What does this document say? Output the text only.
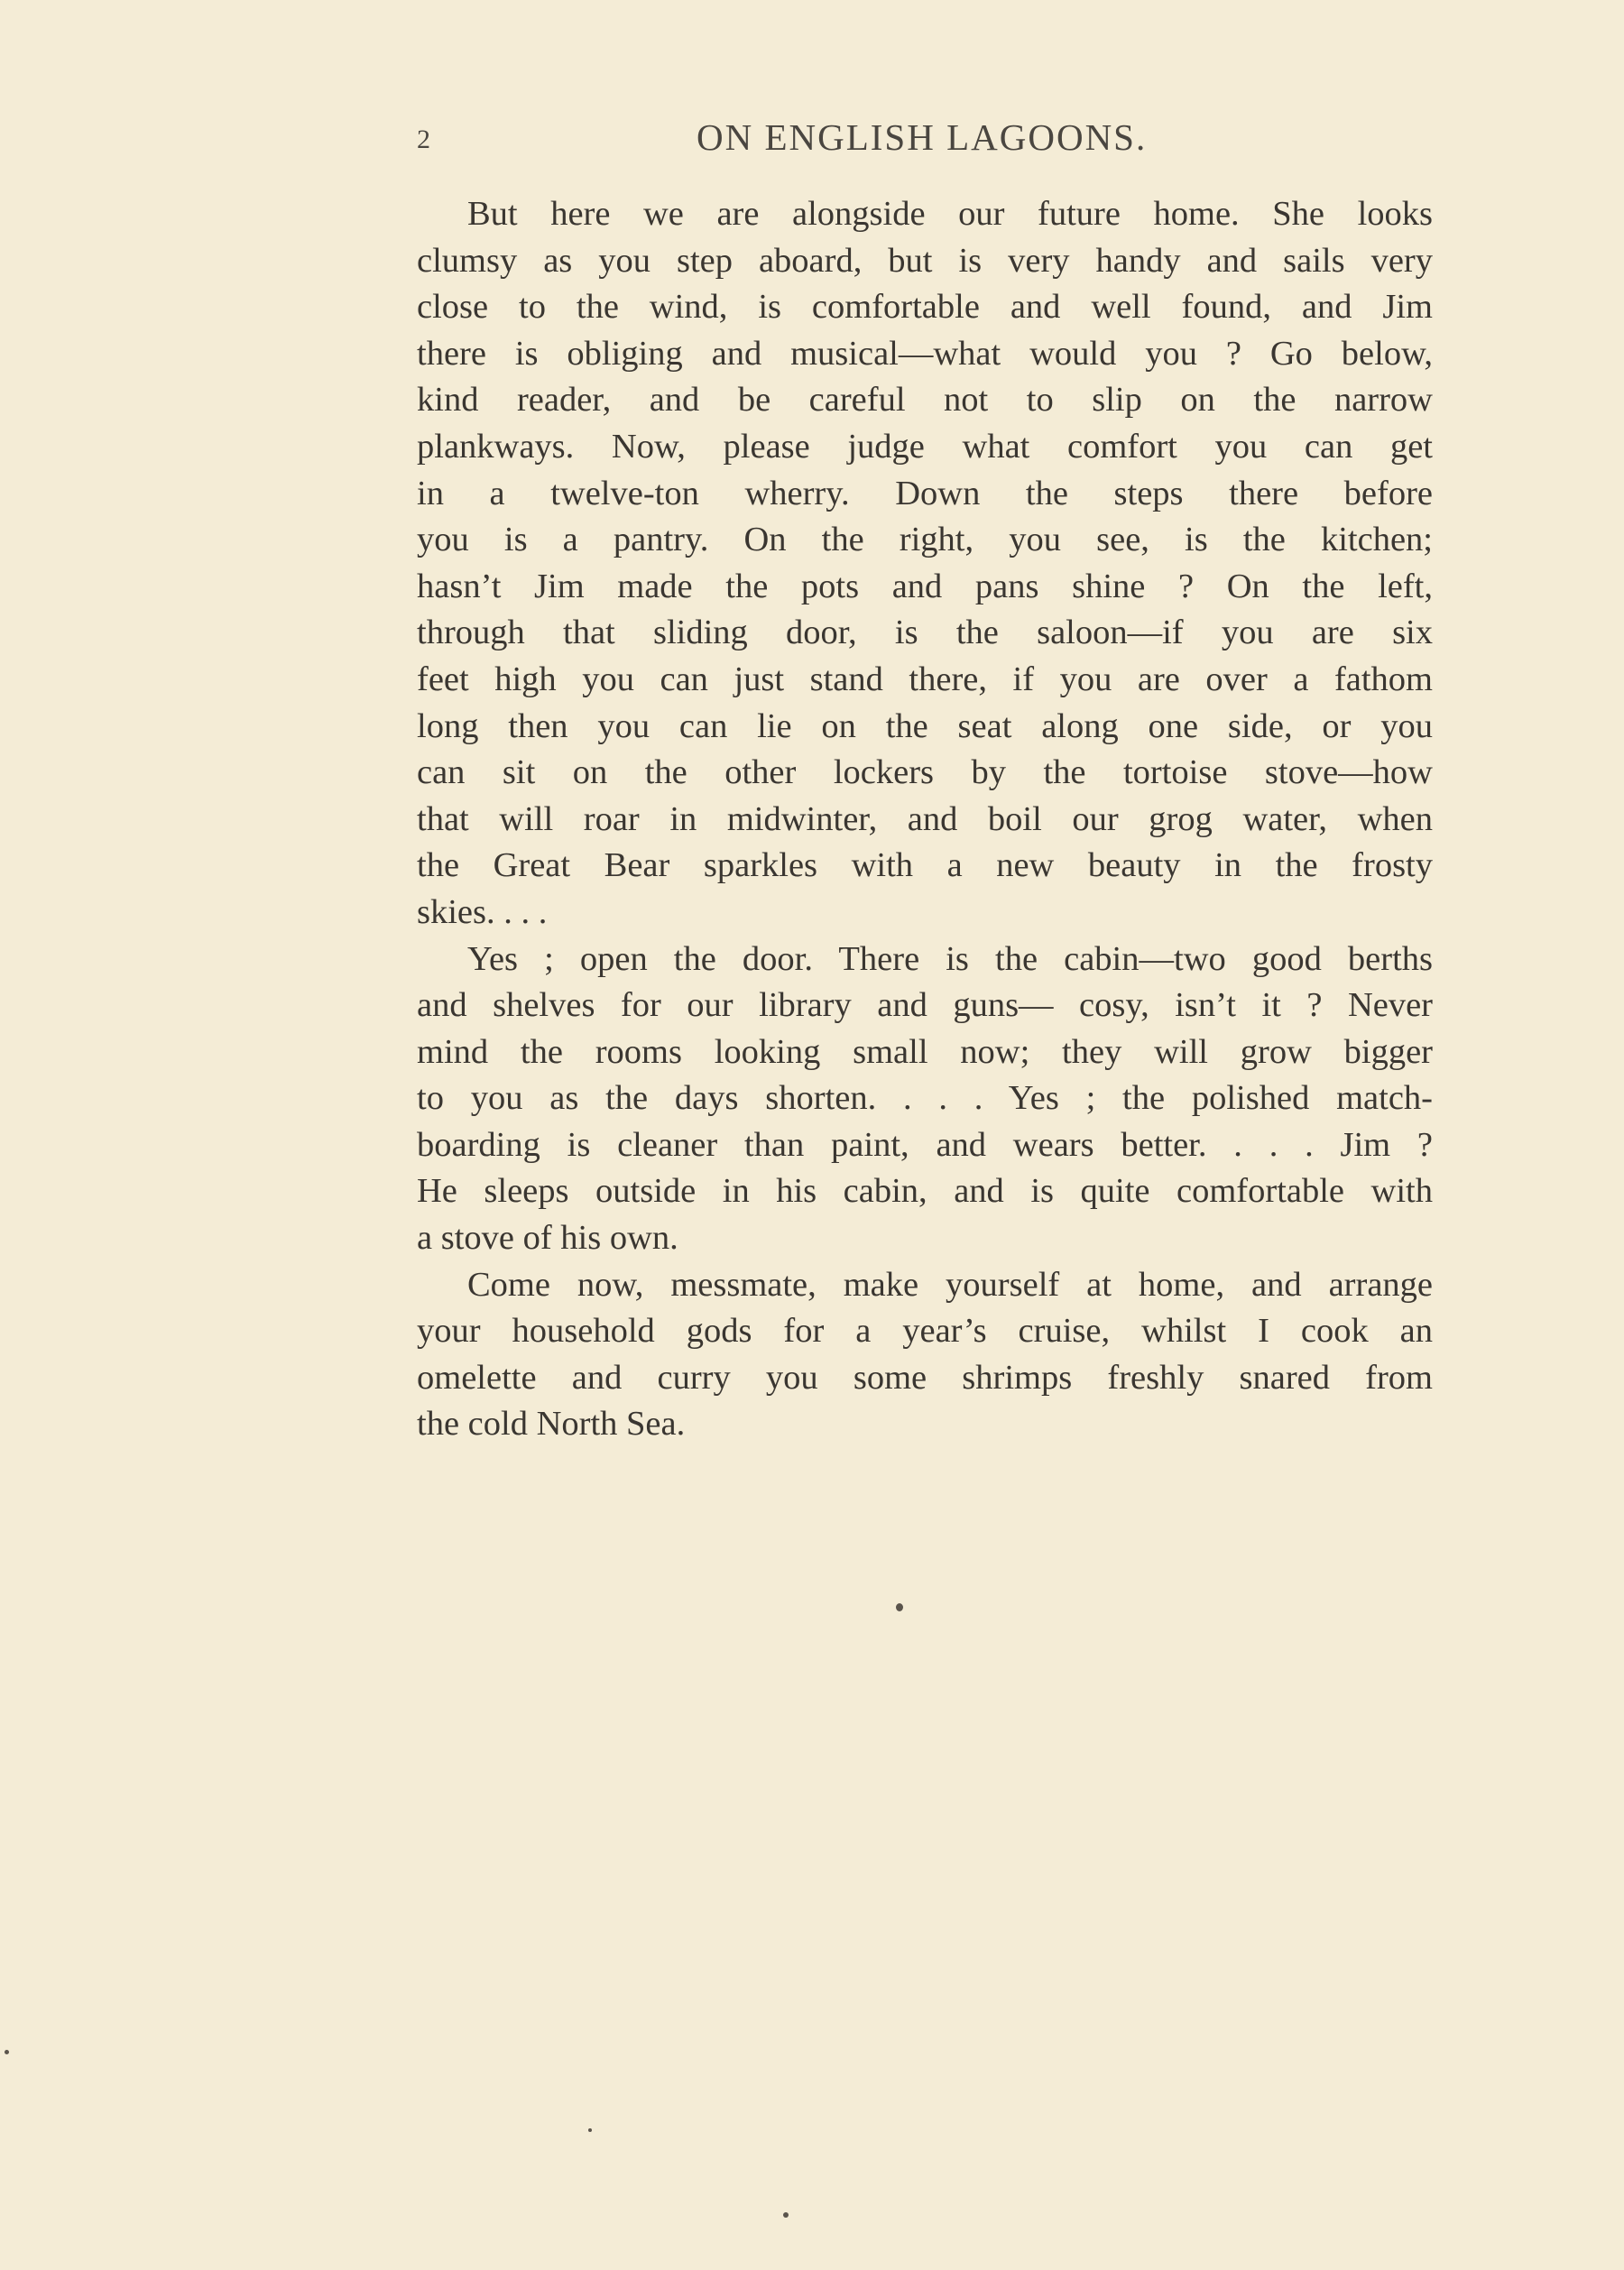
2	ON ENGLISH LAGOONS.
But here we are alongside our future home. She looks
clumsy as you step aboard, but is very handy and sails very
close to the wind, is comfortable and well found, and Jim
there is obliging and musical—what would you ? Go below,
kind reader, and be careful not to slip on the narrow
plankways. Now, please judge what comfort you can get
in a twelve-ton wherry. Down the steps there before
you is a pantry. On the right, you see, is the kitchen;
hasn’t Jim made the pots and pans shine ? On the left,
through that sliding door, is the saloon—if you are six
feet high you can just stand there, if you are over a fathom
long then you can lie on the seat along one side, or you
can sit on the other lockers by the tortoise stove—how
that will roar in midwinter, and boil our grog water, when
the Great Bear sparkles with a new beauty in the frosty
skies. . . .
Yes ; open the door. There is the cabin—two good berths
and shelves for our library and guns— cosy, isn’t it ? Never
mind the rooms looking small now; they will grow bigger
to you as the days shorten. . . . Yes ; the polished match-
boarding is cleaner than paint, and wears better. . . . Jim ?
He sleeps outside in his cabin, and is quite comfortable with
a stove of his own.
Come now, messmate, make yourself at home, and arrange
your household gods for a year’s cruise, whilst I cook an
omelette and curry you some shrimps freshly snared from
the cold North Sea.
